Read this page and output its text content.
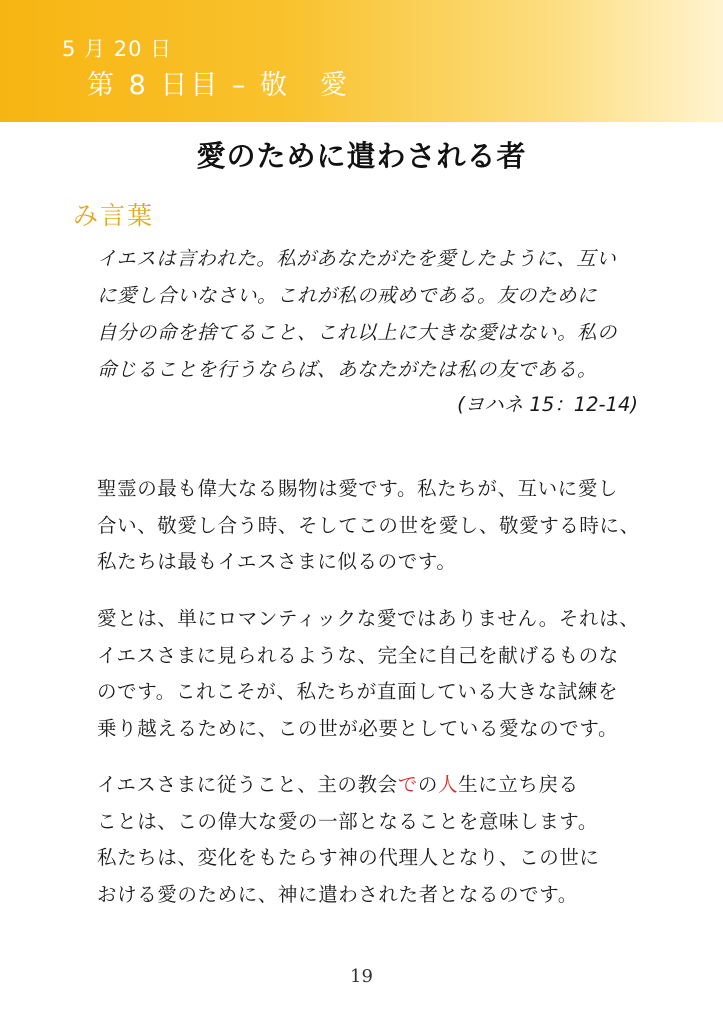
5 月 20 日
第 8 日目 – 敬　愛
愛のために遣わされる者
み言葉
イエスは言われた。私があなたがたを愛したように、互い
に愛し合いなさい。これが私の戒めである。友のために
自分の命を捨てること、これ以上に大きな愛はない。私の
命じることを行うならば、あなたがたは私の友である。
(ヨハネ 15：12-14)
聖霊の最も偉大なる賜物は愛です。私たちが、互いに愛し
合い、敬愛し合う時、そしてこの世を愛し、敬愛する時に、
私たちは最もイエスさまに似るのです。
愛とは、単にロマンティックな愛ではありません。それは、
イエスさまに見られるような、完全に自己を献げるものな
のです。これこそが、私たちが直面している大きな試練を
乗り越えるために、この世が必要としている愛なのです。
イエスさまに従うこと、主の教会での人生に立ち戻る
ことは、この偉大な愛の一部となることを意味します。
私たちは、変化をもたらす神の代理人となり、この世に
おける愛のために、神に遣わされた者となるのです。
19
